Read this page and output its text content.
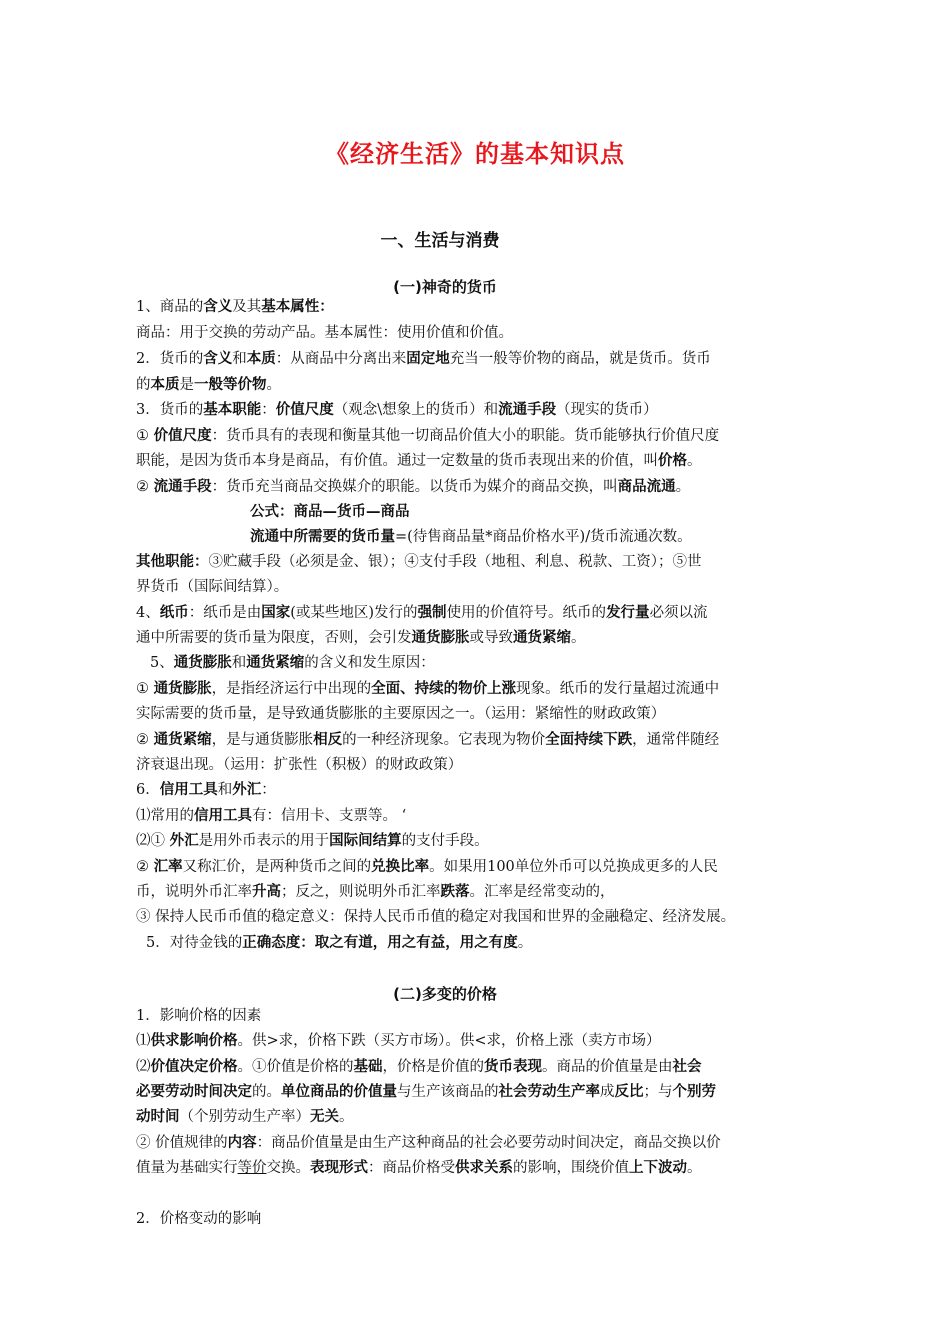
《经济生活》的基本知识点
一、生活与消费
(一)神奇的货币

1、商品的含义及其基本属性：

商品：用于交换的劳动产品。基本属性：使用价值和价值。

2．货币的含义和本质：从商品中分离出来固定地充当一般等价物的商品，就是货币。货币

的本质是一般等价物。

3．货币的基本职能：价值尺度（观念\想象上的货币）和流通手段（现实的货币）

① 价值尺度：货币具有的表现和衡量其他一切商品价值大小的职能。货币能够执行价值尺度

职能，是因为货币本身是商品，有价值。通过一定数量的货币表现出来的价值，叫价格。

② 流通手段：货币充当商品交换媒介的职能。以货币为媒介的商品交换，叫商品流通。

公式：商品—货币—商品

流通中所需要的货币量=(待售商品量*商品价格水平)/货币流通次数。

其他职能：③贮藏手段（必须是金、银）；④支付手段（地租、利息、税款、工资）；⑤世

界货币（国际间结算）。

4、纸币：纸币是由国家(或某些地区)发行的强制使用的价值符号。纸币的发行量必须以流

通中所需要的货币量为限度，否则，会引发通货膨胀或导致通货紧缩。

5、通货膨胀和通货紧缩的含义和发生原因：

① 通货膨胀，是指经济运行中出现的全面、持续的物价上涨现象。纸币的发行量超过流通中

实际需要的货币量，是导致通货膨胀的主要原因之一。（运用：紧缩性的财政政策）

② 通货紧缩，是与通货膨胀相反的一种经济现象。它表现为物价全面持续下跌，通常伴随经

济衰退出现。（运用：扩张性（积极）的财政政策）

6．信用工具和外汇：

⑴常用的信用工具有：信用卡、支票等。 ‘

⑵① 外汇是用外币表示的用于国际间结算的支付手段。

② 汇率又称汇价，是两种货币之间的兑换比率。如果用100单位外币可以兑换成更多的人民

币，说明外币汇率升高；反之，则说明外币汇率跌落。汇率是经常变动的，

③ 保持人民币币值的稳定意义：保持人民币币值的稳定对我国和世界的金融稳定、经济发展。

5．对待金钱的正确态度：取之有道，用之有益，用之有度。

(二)多变的价格

1．影响价格的因素

⑴供求影响价格。供>求，价格下跌（买方市场）。供<求，价格上涨（卖方市场）

⑵价值决定价格。①价值是价格的基础，价格是价值的货币表现。商品的价值量是由社会

必要劳动时间决定的。单位商品的价值量与生产该商品的社会劳动生产率成反比；与个别劳

动时间（个别劳动生产率）无关。

② 价值规律的内容：商品价值量是由生产这种商品的社会必要劳动时间决定，商品交换以价

值量为基础实行等价交换。表现形式：商品价格受供求关系的影响，围绕价值上下波动。

2．价格变动的影响
